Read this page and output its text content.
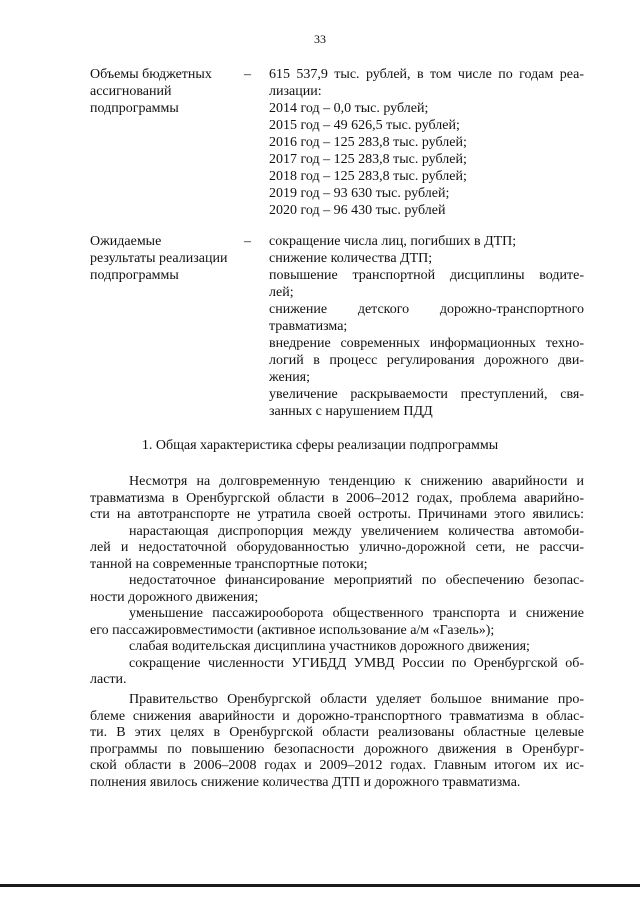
33
Объемы бюджетных
ассигнований
подпрограммы
– 615 537,9 тыс. рублей, в том числе по годам реа-
лизации:
2014 год – 0,0 тыс. рублей;
2015 год – 49 626,5 тыс. рублей;
2016 год – 125 283,8 тыс. рублей;
2017 год – 125 283,8 тыс. рублей;
2018 год – 125 283,8 тыс. рублей;
2019 год – 93 630 тыс. рублей;
2020 год – 96 430 тыс. рублей
Ожидаемые
результаты реализации
подпрограммы
– сокращение числа лиц, погибших в ДТП;
снижение количества ДТП;
повышение транспортной дисциплины водите-
лей;
снижение детского дорожно-транспортного
травматизма;
внедрение современных информационных техно-
логий в процесс регулирования дорожного дви-
жения;
увеличение раскрываемости преступлений, свя-
занных с нарушением ПДД
1. Общая характеристика сферы реализации подпрограммы
Несмотря на долговременную тенденцию к снижению аварийности и
травматизма в Оренбургской области в 2006–2012 годах, проблема аварийно-
сти на автотранспорте не утратила своей остроты. Причинами этого явились:
нарастающая диспропорция между увеличением количества автомоби-
лей и недостаточной оборудованностью улично-дорожной сети, не рассчи-
танной на современные транспортные потоки;
недостаточное финансирование мероприятий по обеспечению безопас-
ности дорожного движения;
уменьшение пассажирооборота общественного транспорта и снижение
его пассажировместимости (активное использование а/м «Газель»);
слабая водительская дисциплина участников дорожного движения;
сокращение численности УГИБДД УМВД России по Оренбургской об-
ласти.
Правительство Оренбургской области уделяет большое внимание про-
блеме снижения аварийности и дорожно-транспортного травматизма в облас-
ти. В этих целях в Оренбургской области реализованы областные целевые
программы по повышению безопасности дорожного движения в Оренбург-
ской области в 2006–2008 годах и 2009–2012 годах. Главным итогом их ис-
полнения явилось снижение количества ДТП и дорожного травматизма.
